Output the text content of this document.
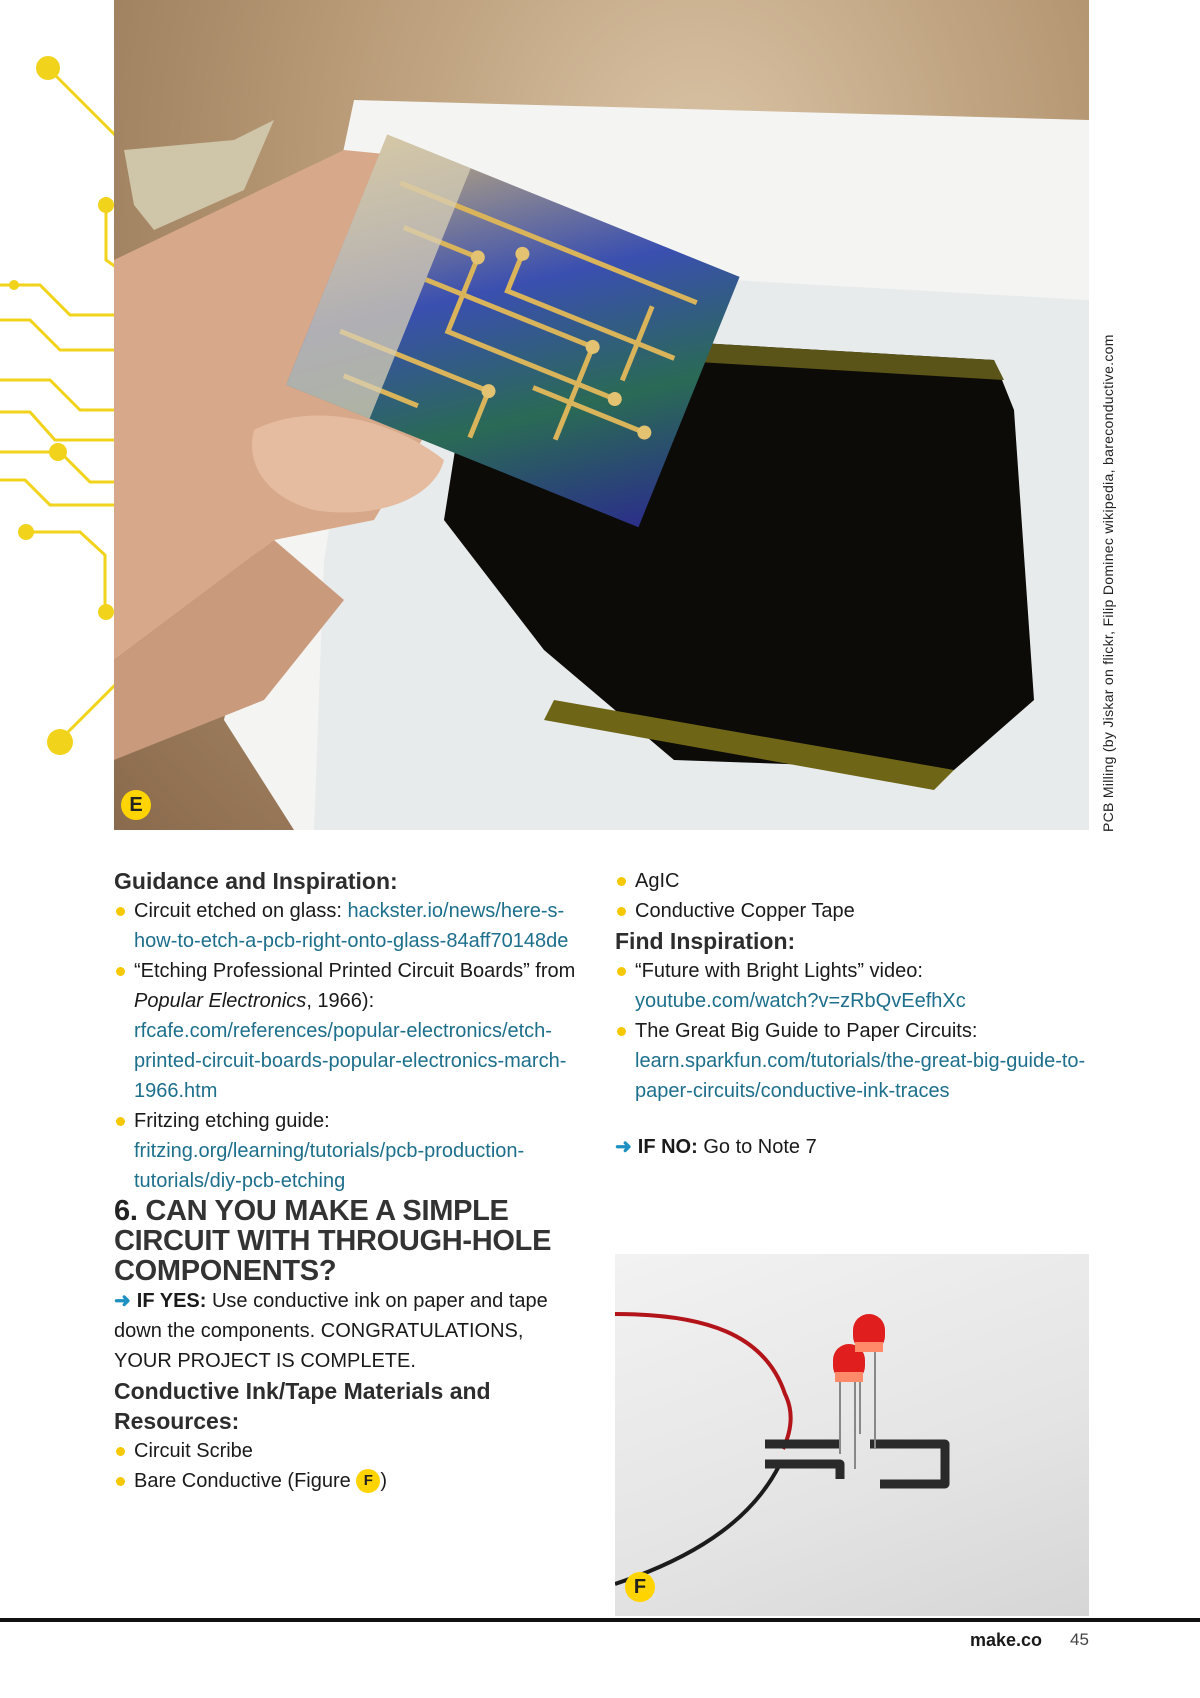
E	PCB Milling (by Jiskar on flickr, Filip Dominec wikipedia, bareconductive.com
Guidance and Inspiration:
Circuit etched on glass: hackster.io/news/here-s-how-to-etch-a-pcb-right-onto-glass-84aff70148de
“Etching Professional Printed Circuit Boards” from Popular Electronics, 1966): rfcafe.com/references/popular-electronics/etch-printed-circuit-boards-popular-electronics-march-1966.htm
Fritzing etching guide: fritzing.org/learning/tutorials/pcb-production-tutorials/diy-pcb-etching
6. CAN YOU MAKE A SIMPLE CIRCUIT WITH THROUGH-HOLE COMPONENTS?
➜ IF YES: Use conductive ink on paper and tape down the components. CONGRATULATIONS, YOUR PROJECT IS COMPLETE.
Conductive Ink/Tape Materials and Resources:
Circuit Scribe
Bare Conductive (Figure F )
AgIC
Conductive Copper Tape
Find Inspiration:
“Future with Bright Lights” video: youtube.com/watch?v=zRbQvEefhXc
The Great Big Guide to Paper Circuits: learn.sparkfun.com/tutorials/the-great-big-guide-to-paper-circuits/conductive-ink-traces
➜ IF NO: Go to Note 7
F
make.co 45
